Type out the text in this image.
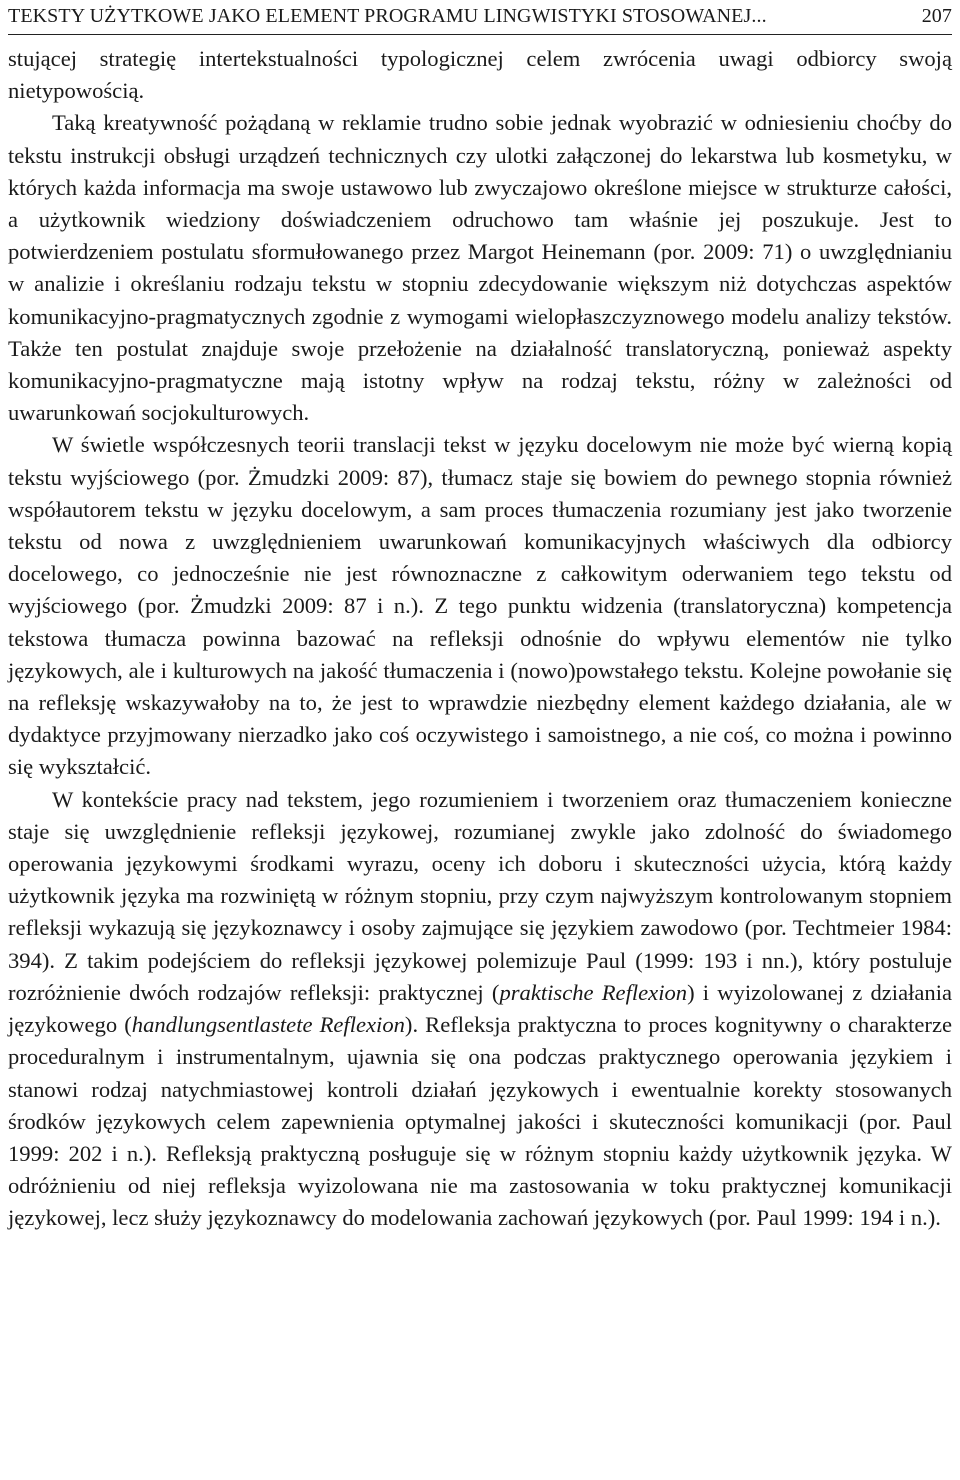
TEKSTY UŻYTKOWE JAKO ELEMENT PROGRAMU LINGWISTYKI STOSOWANEJ...	207

stującej strategię intertekstualności typologicznej celem zwrócenia uwagi odbiorcy swoją nietypowością.

Taką kreatywność pożądaną w reklamie trudno sobie jednak wyobrazić w odniesieniu choćby do tekstu instrukcji obsługi urządzeń technicznych czy ulotki załączonej do lekarstwa lub kosmetyku, w których każda informacja ma swoje ustawowo lub zwyczajowo określone miejsce w strukturze całości, a użytkownik wiedziony doświadczeniem odruchowo tam właśnie jej poszukuje. Jest to potwierdzeniem postulatu sformułowanego przez Margot Heinemann (por. 2009: 71) o uwzględnianiu w analizie i określaniu rodzaju tekstu w stopniu zdecydowanie większym niż dotychczas aspektów komunikacyjno-pragmatycznych zgodnie z wymogami wielopłaszczyznowego modelu analizy tekstów. Także ten postulat znajduje swoje przełożenie na działalność translatoryczną, ponieważ aspekty komunikacyjno-pragmatyczne mają istotny wpływ na rodzaj tekstu, różny w zależności od uwarunkowań socjokulturowych.

W świetle współczesnych teorii translacji tekst w języku docelowym nie może być wierną kopią tekstu wyjściowego (por. Żmudzki 2009: 87), tłumacz staje się bowiem do pewnego stopnia również współautorem tekstu w języku docelowym, a sam proces tłumaczenia rozumiany jest jako tworzenie tekstu od nowa z uwzględnieniem uwarunkowań komunikacyjnych właściwych dla odbiorcy docelowego, co jednocześnie nie jest równoznaczne z całkowitym oderwaniem tego tekstu od wyjściowego (por. Żmudzki 2009: 87 i n.). Z tego punktu widzenia (translatoryczna) kompetencja tekstowa tłumacza powinna bazować na refleksji odnośnie do wpływu elementów nie tylko językowych, ale i kulturowych na jakość tłumaczenia i (nowo)powstałego tekstu. Kolejne powołanie się na refleksję wskazywałoby na to, że jest to wprawdzie niezbędny element każdego działania, ale w dydaktyce przyjmowany nierzadko jako coś oczywistego i samoistnego, a nie coś, co można i powinno się wykształcić.

W kontekście pracy nad tekstem, jego rozumieniem i tworzeniem oraz tłumaczeniem konieczne staje się uwzględnienie refleksji językowej, rozumianej zwykle jako zdolność do świadomego operowania językowymi środkami wyrazu, oceny ich doboru i skuteczności użycia, którą każdy użytkownik języka ma rozwiniętą w różnym stopniu, przy czym najwyższym kontrolowanym stopniem refleksji wykazują się językoznawcy i osoby zajmujące się językiem zawodowo (por. Techtmeier 1984: 394). Z takim podejściem do refleksji językowej polemizuje Paul (1999: 193 i nn.), który postuluje rozróżnienie dwóch rodzajów refleksji: praktycznej (praktische Reflexion) i wyizolowanej z działania językowego (handlungsentlastete Reflexion). Refleksja praktyczna to proces kognitywny o charakterze proceduralnym i instrumentalnym, ujawnia się ona podczas praktycznego operowania językiem i stanowi rodzaj natychmiastowej kontroli działań językowych i ewentualnie korekty stosowanych środków językowych celem zapewnienia optymalnej jakości i skuteczności komunikacji (por. Paul 1999: 202 i n.). Refleksją praktyczną posługuje się w różnym stopniu każdy użytkownik języka. W odróżnieniu od niej refleksja wyizolowana nie ma zastosowania w toku praktycznej komunikacji językowej, lecz służy językoznawcy do modelowania zachowań językowych (por. Paul 1999: 194 i n.).
